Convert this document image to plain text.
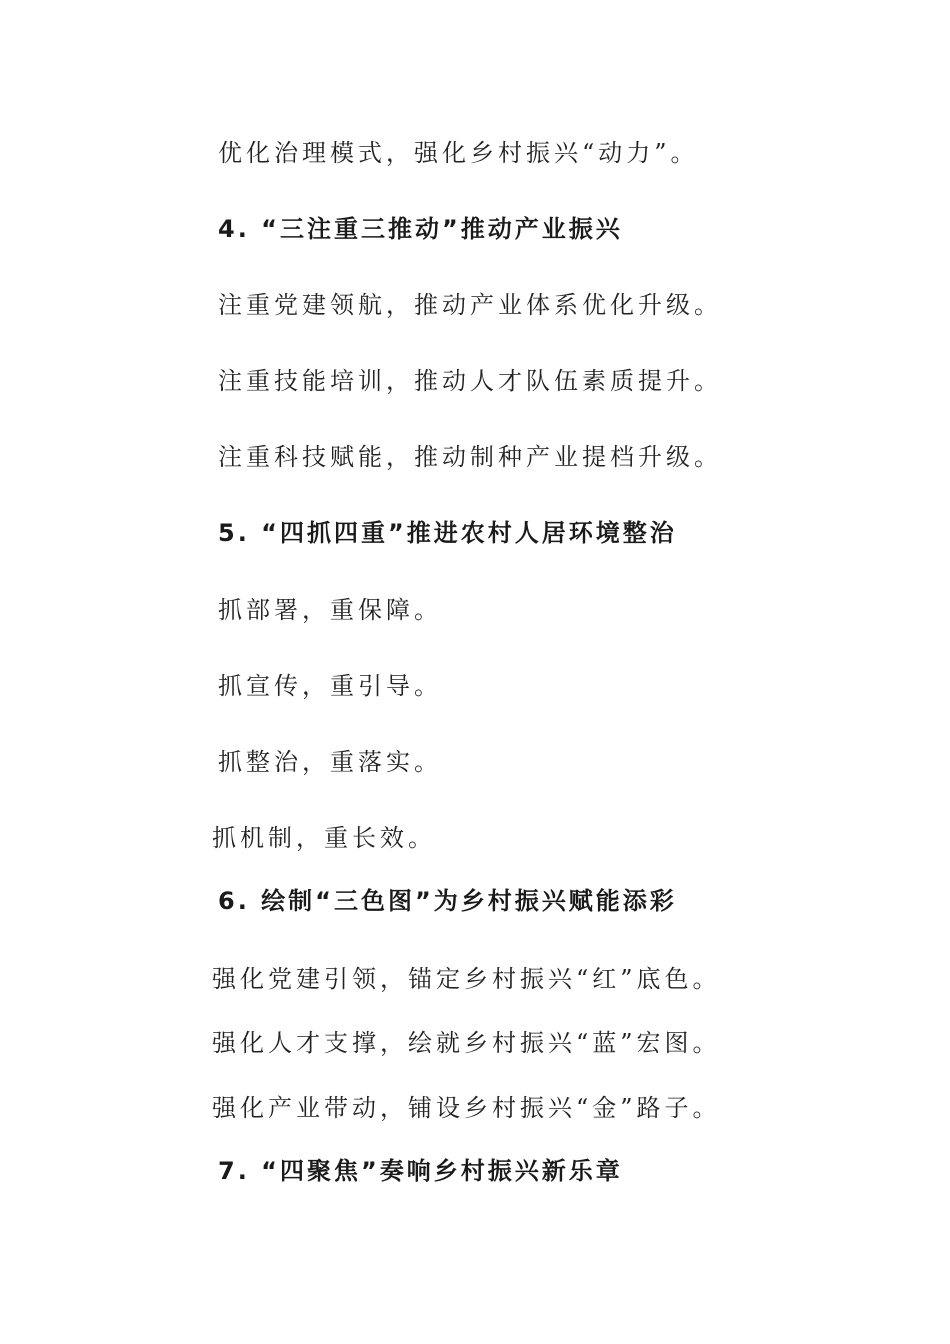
优化治理模式，强化乡村振兴“动力”。

4. “三注重三推动”推动产业振兴

注重党建领航，推动产业体系优化升级。

注重技能培训，推动人才队伍素质提升。

注重科技赋能，推动制种产业提档升级。

5. “四抓四重”推进农村人居环境整治

抓部署，重保障。

抓宣传，重引导。

抓整治，重落实。

抓机制，重长效。

6. 绘制“三色图”为乡村振兴赋能添彩

强化党建引领，锚定乡村振兴“红”底色。

强化人才支撑，绘就乡村振兴“蓝”宏图。

强化产业带动，铺设乡村振兴“金”路子。

7. “四聚焦”奏响乡村振兴新乐章
